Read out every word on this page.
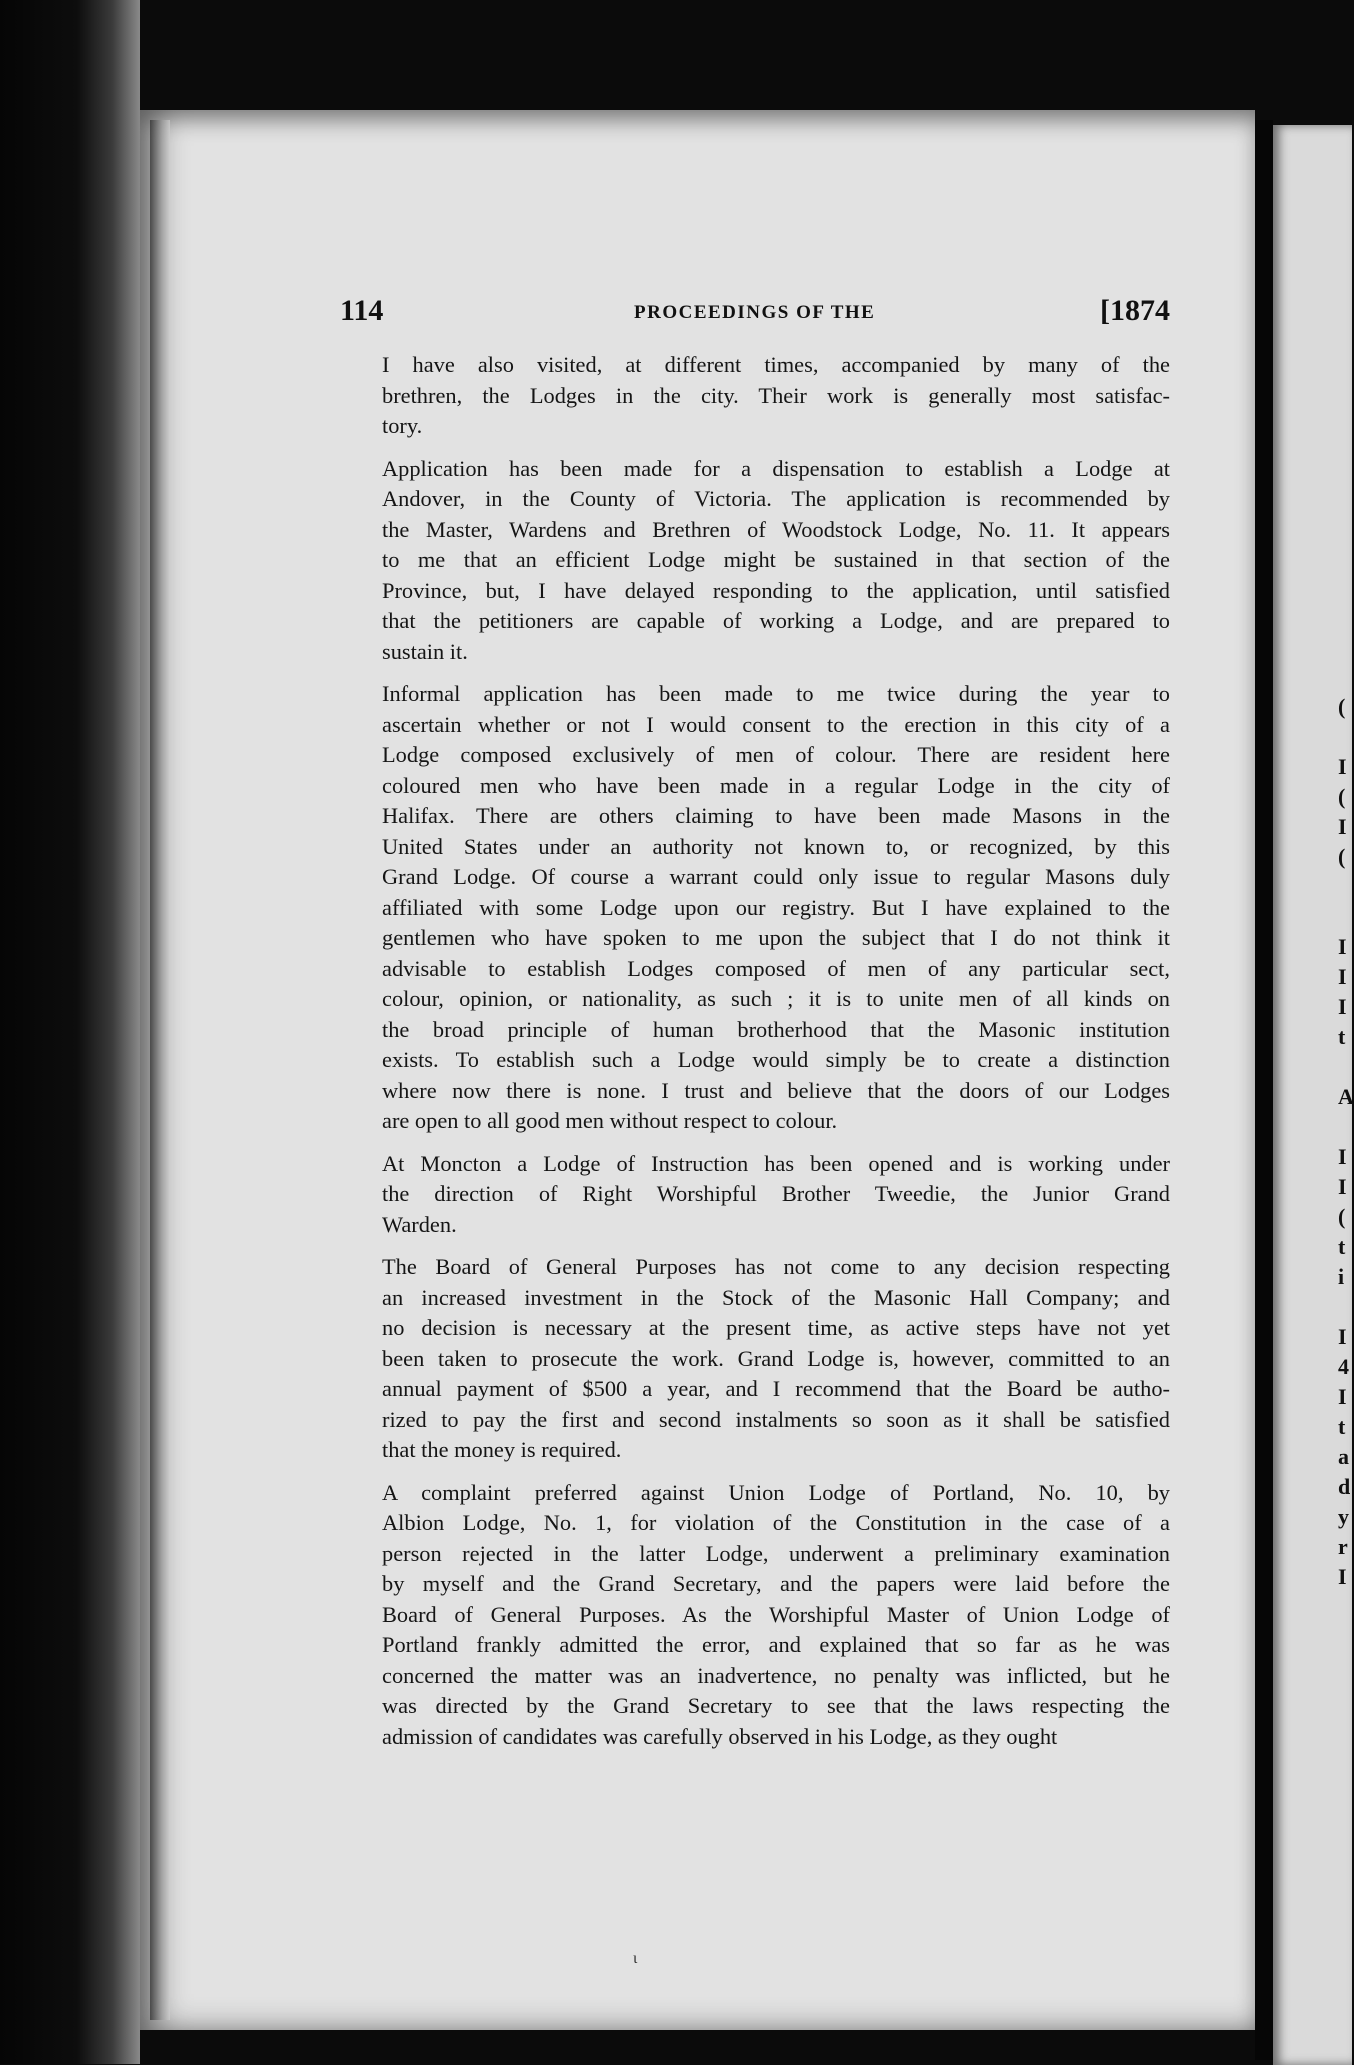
(
I
(
I
(
I
I
I
t
A
I
I
(
t
i
I
4
I
t
a
d
y
r
I
114	PROCEEDINGS OF THE	[1874

I have also visited, at different times, accompanied by many of the
brethren, the Lodges in the city. Their work is generally most satisfac-
tory.

Application has been made for a dispensation to establish a Lodge at
Andover, in the County of Victoria. The application is recommended by
the Master, Wardens and Brethren of Woodstock Lodge, No. 11. It appears
to me that an efficient Lodge might be sustained in that section of the
Province, but, I have delayed responding to the application, until satisfied
that the petitioners are capable of working a Lodge, and are prepared to
sustain it.

Informal application has been made to me twice during the year to
ascertain whether or not I would consent to the erection in this city of a
Lodge composed exclusively of men of colour. There are resident here
coloured men who have been made in a regular Lodge in the city of
Halifax. There are others claiming to have been made Masons in the
United States under an authority not known to, or recognized, by this
Grand Lodge. Of course a warrant could only issue to regular Masons duly
affiliated with some Lodge upon our registry. But I have explained to the
gentlemen who have spoken to me upon the subject that I do not think it
advisable to establish Lodges composed of men of any particular sect,
colour, opinion, or nationality, as such ; it is to unite men of all kinds on
the broad principle of human brotherhood that the Masonic institution
exists. To establish such a Lodge would simply be to create a distinction
where now there is none. I trust and believe that the doors of our Lodges
are open to all good men without respect to colour.

At Moncton a Lodge of Instruction has been opened and is working under
the direction of Right Worshipful Brother Tweedie, the Junior Grand
Warden.

The Board of General Purposes has not come to any decision respecting
an increased investment in the Stock of the Masonic Hall Company; and
no decision is necessary at the present time, as active steps have not yet
been taken to prosecute the work. Grand Lodge is, however, committed to an
annual payment of $500 a year, and I recommend that the Board be autho-
rized to pay the first and second instalments so soon as it shall be satisfied
that the money is required.

A complaint preferred against Union Lodge of Portland, No. 10, by
Albion Lodge, No. 1, for violation of the Constitution in the case of a
person rejected in the latter Lodge, underwent a preliminary examination
by myself and the Grand Secretary, and the papers were laid before the
Board of General Purposes. As the Worshipful Master of Union Lodge of
Portland frankly admitted the error, and explained that so far as he was
concerned the matter was an inadvertence, no penalty was inflicted, but he
was directed by the Grand Secretary to see that the laws respecting the
admission of candidates was carefully observed in his Lodge, as they ought

ι
